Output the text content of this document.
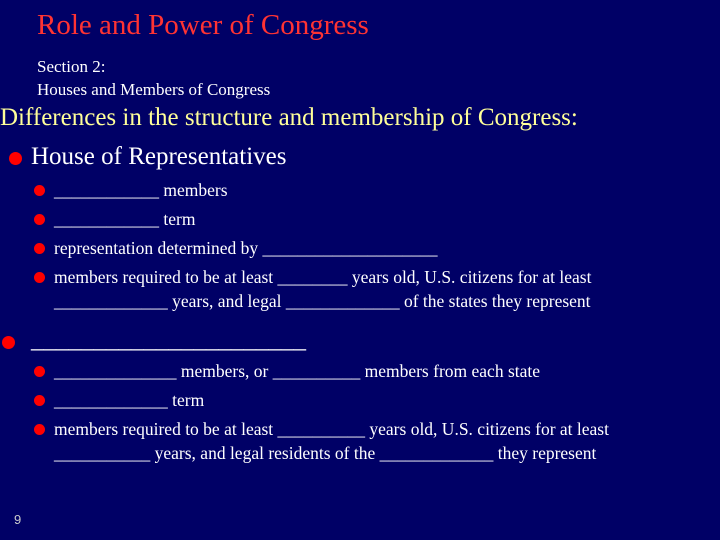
Role and Power of Congress
Section 2:
Houses and Members of Congress
Differences in the structure and membership of Congress:
House of Representatives
____________ members
____________ term
representation determined by ____________________
members required to be at least ________ years old, U.S. citizens for at least
_____________ years, and legal _____________ of the states they represent
______________________
______________ members, or __________ members from each state
_____________ term
members required to be at least __________ years old, U.S. citizens for at least
___________ years, and legal residents of the _____________ they represent
9
